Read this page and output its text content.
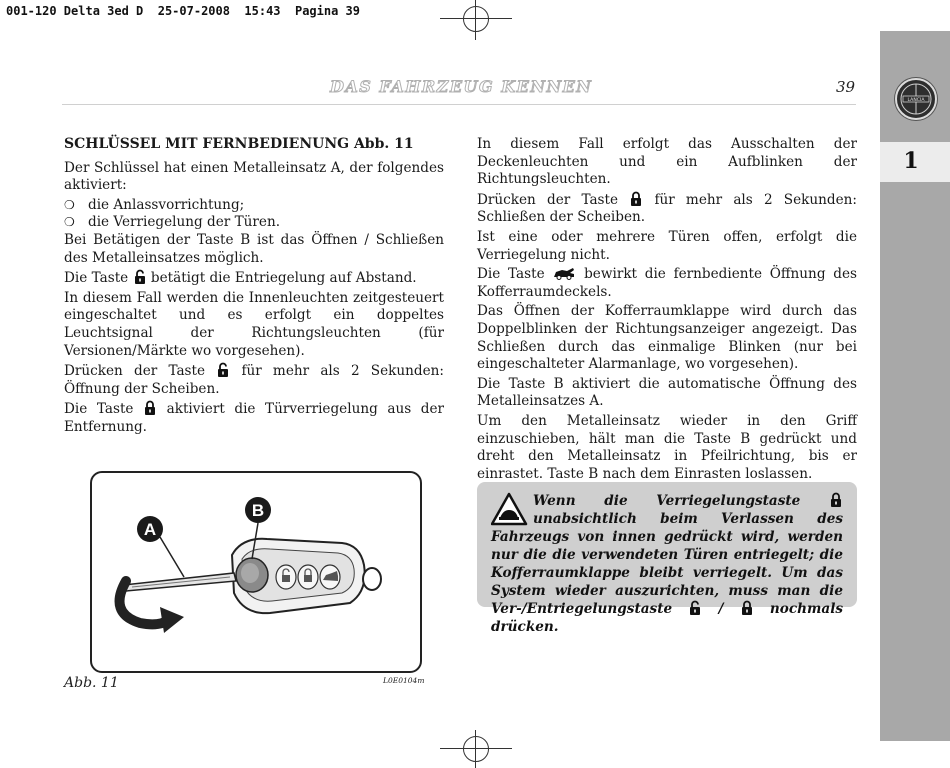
001-120 Delta 3ed D  25-07-2008  15:43  Pagina 39
DAS FAHRZEUG KENNEN	39
LANCIA
1

SCHLÜSSEL MIT FERNBEDIENUNG Abb. 11

Der Schlüssel hat einen Metalleinsatz A, der folgendes aktiviert:

❍ die Anlassvorrichtung;
❍ die Verriegelung der Türen.

Bei Betätigen der Taste B ist das Öffnen / Schließen des Metalleinsatzes möglich.

Die Taste betätigt die Entriegelung auf Abstand.

In diesem Fall werden die Innenleuchten zeitgesteuert eingeschaltet und es erfolgt ein doppeltes Leuchtsignal der Richtungsleuchten (für Versionen/Märkte wo vorgesehen).

Drücken der Taste	für mehr als 2 Sekunden: Öffnung der Scheiben.

Die Taste aktiviert die Türverriegelung aus der Entfernung.

In diesem Fall erfolgt das Ausschalten der Deckenleuchten und ein Aufblinken der Richtungsleuchten.

Drücken der Taste	für mehr als 2 Sekunden: Schließen der Scheiben.

Ist eine oder mehrere Türen offen, erfolgt die Verriegelung nicht.

Die Taste	bewirkt die fernbediente Öffnung des Kofferraumdeckels.

Das Öffnen der Kofferraumklappe wird durch das Doppelblinken der Richtungsanzeiger angezeigt. Das Schließen durch das einmalige Blinken (nur bei eingeschalteter Alarmanlage, wo vorgesehen).

Die Taste B aktiviert die automatische Öffnung des Metalleinsatzes A.

Um den Metalleinsatz wieder in den Griff einzuschieben, hält man die Taste B gedrückt und dreht den Metalleinsatz in Pfeilrichtung, bis er einrastet. Taste B nach dem Einrasten loslassen.

A
B
Abb. 11	L0E0104m
Wenn die Verriegelungstaste  unabsichtlich beim Verlassen des Fahrzeugs von innen gedrückt wird, werden nur die die verwendeten Türen entriegelt; die Kofferraumklappe bleibt verriegelt. Um das System wieder auszurichten, muss man die Ver-/Entriegelungstaste	/	nochmals drücken.
